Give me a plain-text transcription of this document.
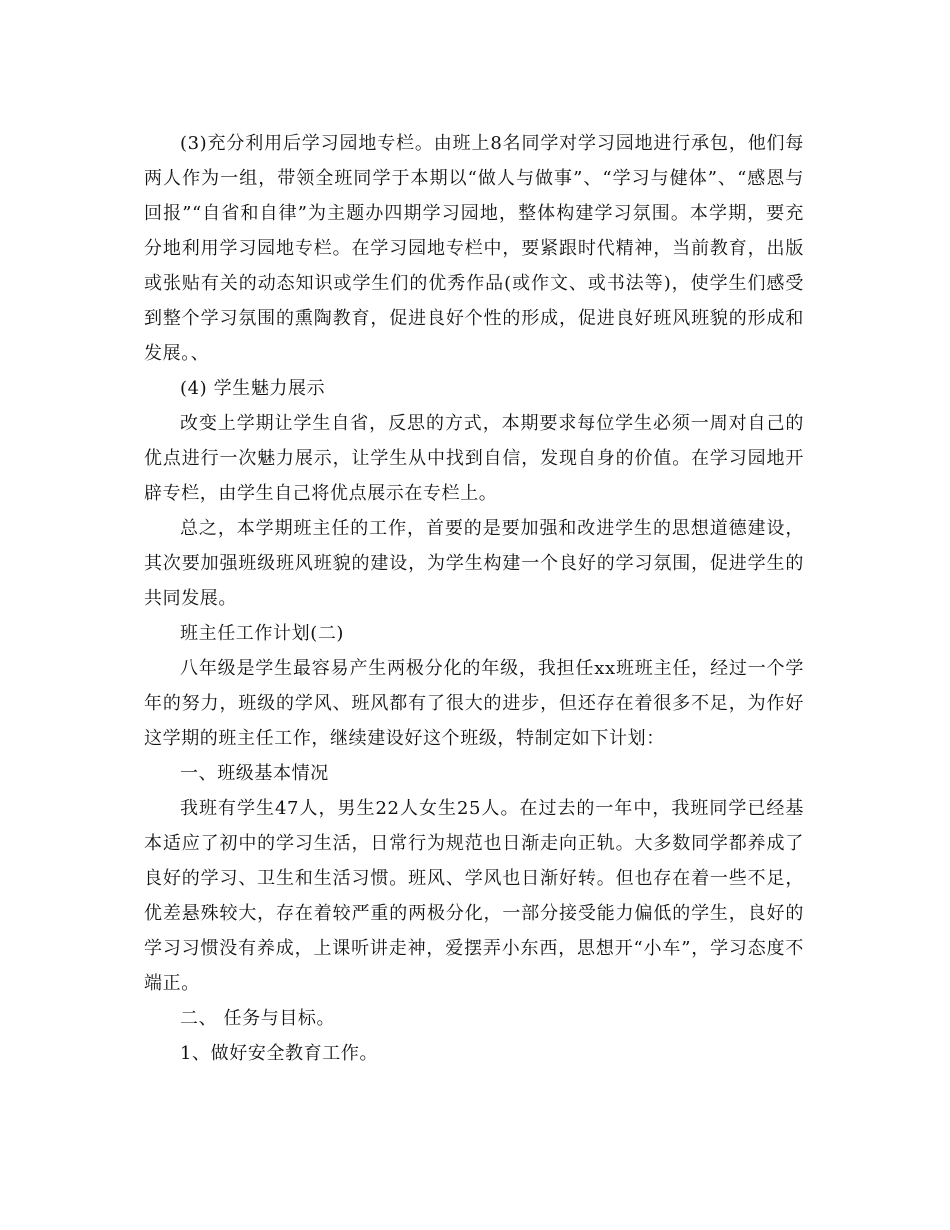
(3)充分利用后学习园地专栏。由班上8名同学对学习园地进行承包，他们每两人作为一组，带领全班同学于本期以“做人与做事”、“学习与健体”、“感恩与回报”“自省和自律”为主题办四期学习园地，整体构建学习氛围。本学期，要充分地利用学习园地专栏。在学习园地专栏中，要紧跟时代精神，当前教育，出版或张贴有关的动态知识或学生们的优秀作品(或作文、或书法等)，使学生们感受到整个学习氛围的熏陶教育，促进良好个性的形成，促进良好班风班貌的形成和发展。、

(4) 学生魅力展示

改变上学期让学生自省，反思的方式，本期要求每位学生必须一周对自己的优点进行一次魅力展示，让学生从中找到自信，发现自身的价值。在学习园地开辟专栏，由学生自己将优点展示在专栏上。

总之，本学期班主任的工作，首要的是要加强和改进学生的思想道德建设，其次要加强班级班风班貌的建设，为学生构建一个良好的学习氛围，促进学生的共同发展。

班主任工作计划(二)

八年级是学生最容易产生两极分化的年级，我担任xx班班主任，经过一个学年的努力，班级的学风、班风都有了很大的进步，但还存在着很多不足，为作好这学期的班主任工作，继续建设好这个班级，特制定如下计划：

一、班级基本情况

我班有学生47人，男生22人女生25人。在过去的一年中，我班同学已经基本适应了初中的学习生活，日常行为规范也日渐走向正轨。大多数同学都养成了良好的学习、卫生和生活习惯。班风、学风也日渐好转。但也存在着一些不足，优差悬殊较大，存在着较严重的两极分化，一部分接受能力偏低的学生，良好的学习习惯没有养成，上课听讲走神，爱摆弄小东西，思想开“小车”，学习态度不端正。

二、 任务与目标。

1、做好安全教育工作。
